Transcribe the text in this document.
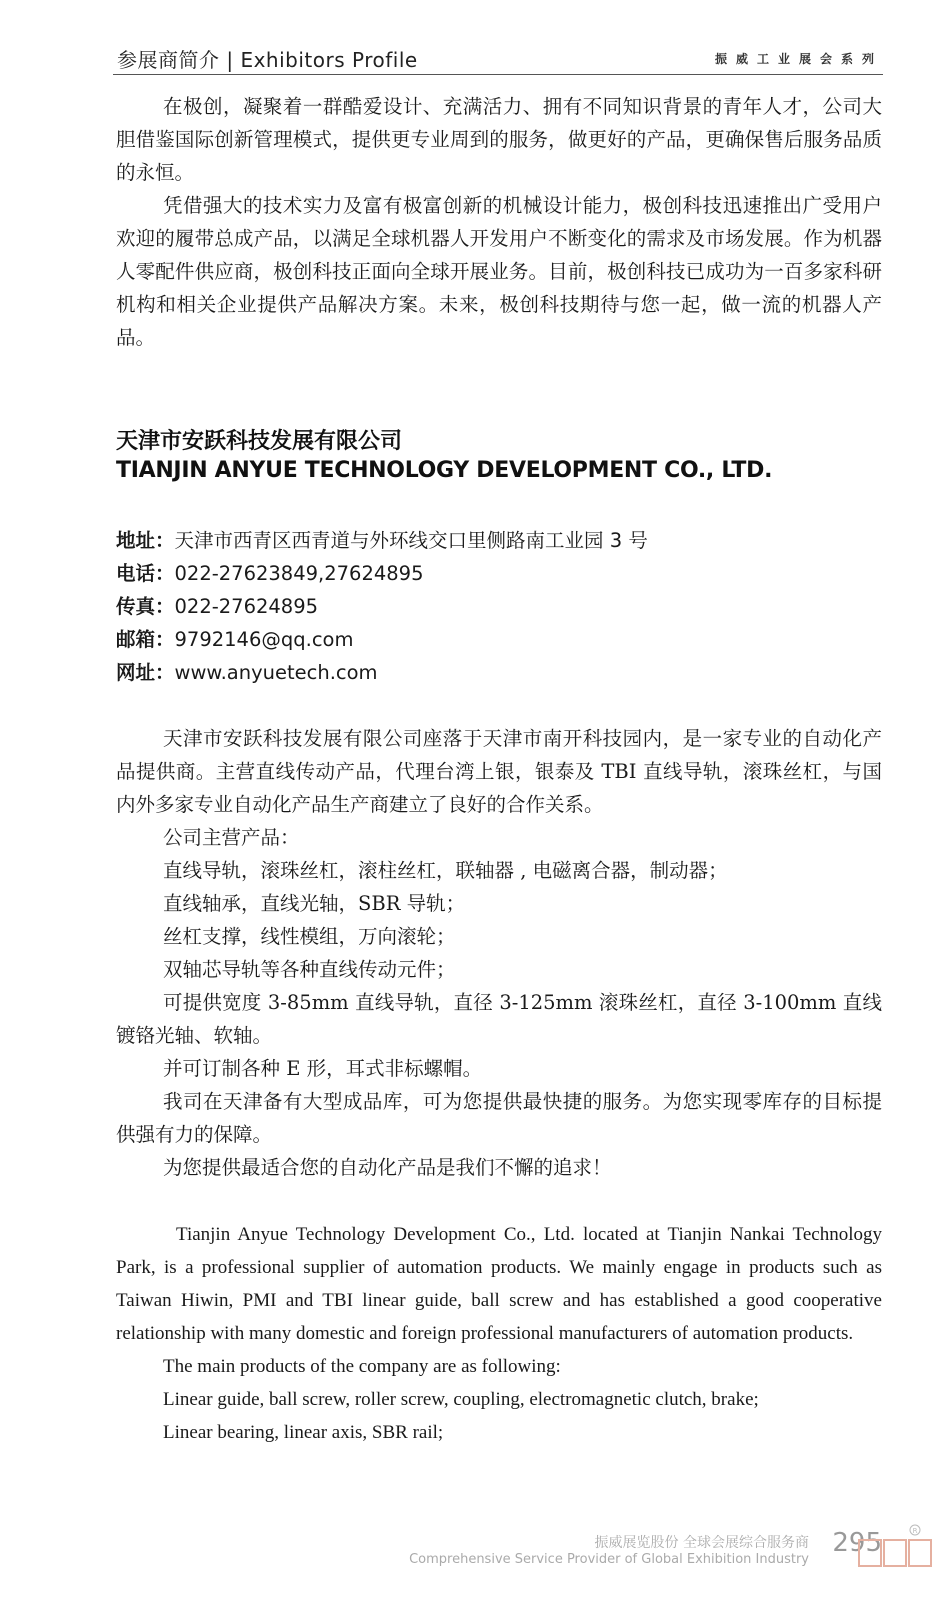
参展商简介 | Exhibitors Profile	振威工业展会系列

在极创，凝聚着一群酷爱设计、充满活力、拥有不同知识背景的青年人才，公司大胆借鉴国际创新管理模式，提供更专业周到的服务，做更好的产品，更确保售后服务品质的永恒。

凭借强大的技术实力及富有极富创新的机械设计能力，极创科技迅速推出广受用户欢迎的履带总成产品，以满足全球机器人开发用户不断变化的需求及市场发展。作为机器人零配件供应商，极创科技正面向全球开展业务。目前，极创科技已成功为一百多家科研机构和相关企业提供产品解决方案。未来，极创科技期待与您一起，做一流的机器人产品。

天津市安跃科技发展有限公司
TIANJIN ANYUE TECHNOLOGY DEVELOPMENT CO., LTD.
地址：天津市西青区西青道与外环线交口里侧路南工业园 3 号
电话：022-27623849,27624895
传真：022-27624895
邮箱：9792146@qq.com
网址：www.anyuetech.com

天津市安跃科技发展有限公司座落于天津市南开科技园内，是一家专业的自动化产品提供商。主营直线传动产品，代理台湾上银，银泰及 TBI 直线导轨，滚珠丝杠，与国内外多家专业自动化产品生产商建立了良好的合作关系。

公司主营产品：
直线导轨，滚珠丝杠，滚柱丝杠，联轴器 , 电磁离合器，制动器；
直线轴承，直线光轴，SBR 导轨；
丝杠支撑，线性模组，万向滚轮；
双轴芯导轨等各种直线传动元件；

可提供宽度 3-85mm 直线导轨，直径 3-125mm 滚珠丝杠，直径 3-100mm 直线镀铬光轴、软轴。

并可订制各种 E 形，耳式非标螺帽。

我司在天津备有大型成品库，可为您提供最快捷的服务。为您实现零库存的目标提供强有力的保障。

为您提供最适合您的自动化产品是我们不懈的追求！

Tianjin Anyue Technology Development Co., Ltd. located at Tianjin Nankai Technology Park, is a professional supplier of automation products. We mainly engage in products such as Taiwan Hiwin, PMI and TBI linear guide, ball screw and has established a good cooperative relationship with many domestic and foreign professional manufacturers of automation products.

The main products of the company are as following:

Linear guide, ball screw, roller screw, coupling, electromagnetic clutch, brake;

Linear bearing, linear axis, SBR rail;

振威展览股份 全球会展综合服务商
Comprehensive Service Provider of Global Exhibition Industry
295	R
